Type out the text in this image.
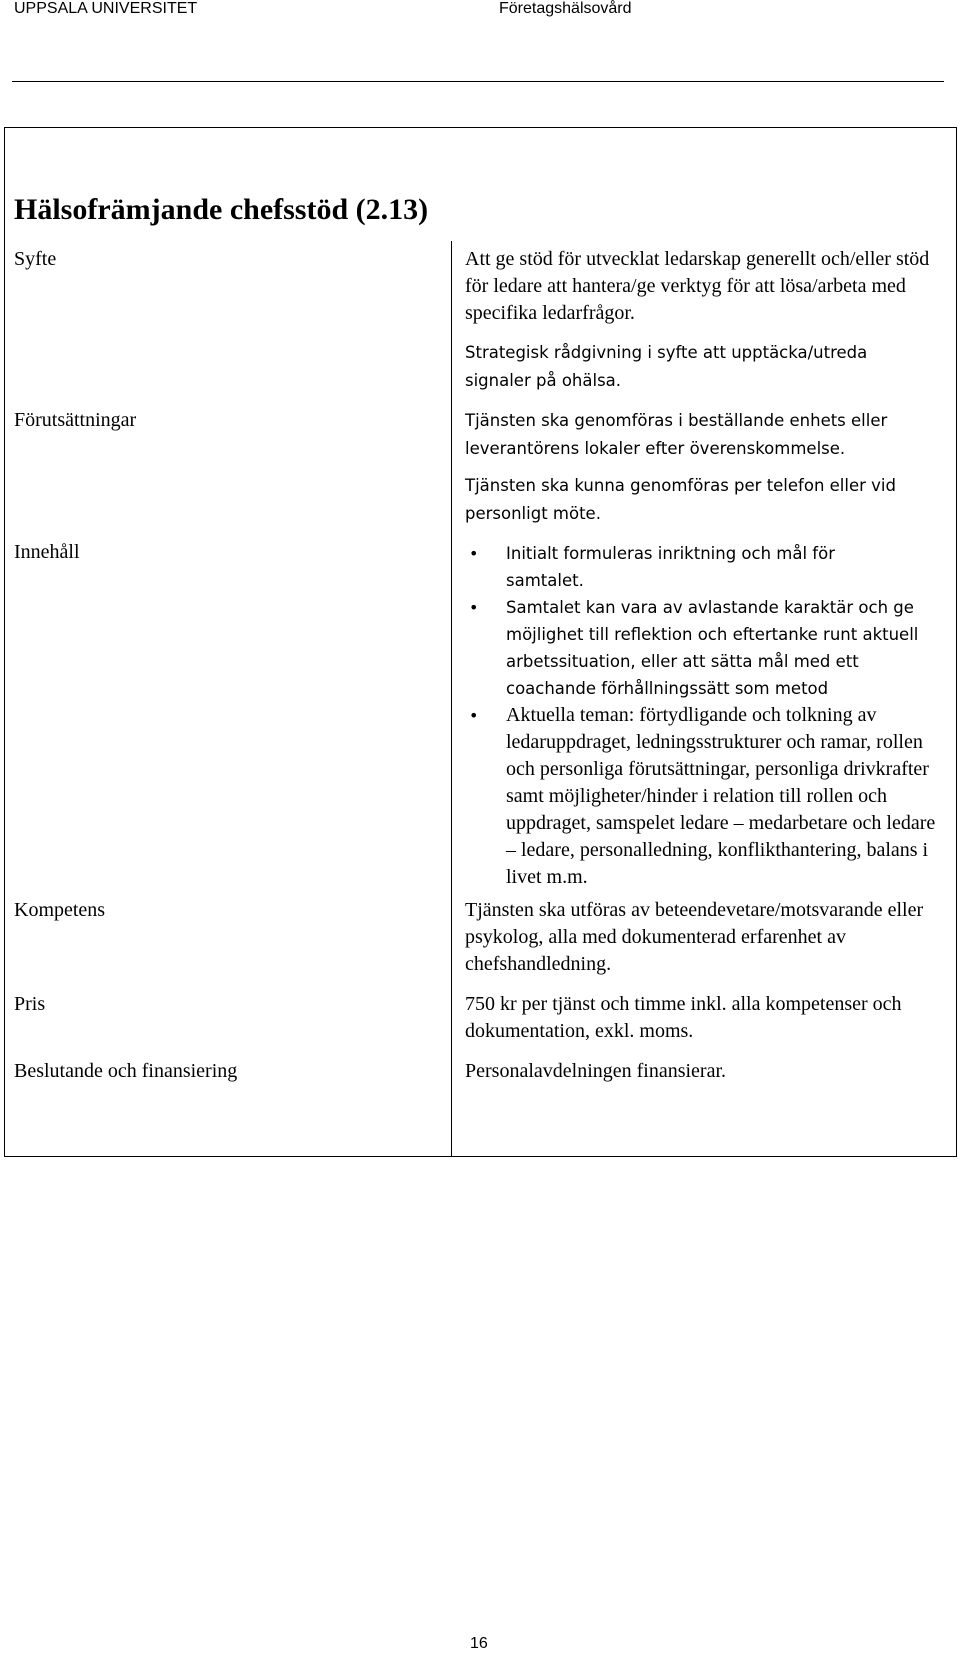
UPPSALA UNIVERSITET	Företagshälsovård
Hälsofrämjande chefsstöd (2.13)
Syfte	Att ge stöd för utvecklat ledarskap generellt och/eller stöd för ledare att hantera/ge verktyg för att lösa/arbeta med specifika ledarfrågor.

Strategisk rådgivning i syfte att upptäcka/utreda signaler på ohälsa.

Förutsättningar	Tjänsten ska genomföras i beställande enhets eller leverantörens lokaler efter överenskommelse.

Tjänsten ska kunna genomföras per telefon eller vid personligt möte.

Innehåll
•	Initialt formuleras inriktning och mål för samtalet.
• Samtalet kan vara av avlastande karaktär och ge möjlighet till reflektion och eftertanke runt aktuell arbetssituation, eller att sätta mål med ett coachande förhållningssätt som metod
• Aktuella teman: förtydligande och tolkning av ledaruppdraget, ledningsstrukturer och ramar, rollen och personliga förutsättningar, personliga drivkrafter samt möjligheter/hinder i relation till rollen och uppdraget, samspelet ledare – medarbetare och ledare – ledare, personalledning, konflikthantering, balans i livet m.m.
Kompetens	Tjänsten ska utföras av beteendevetare/motsvarande eller psykolog, alla med dokumenterad erfarenhet av chefshandledning.

Pris	750 kr per tjänst och timme inkl. alla kompetenser och dokumentation, exkl. moms.

Beslutande och finansiering	Personalavdelningen finansierar.

16
